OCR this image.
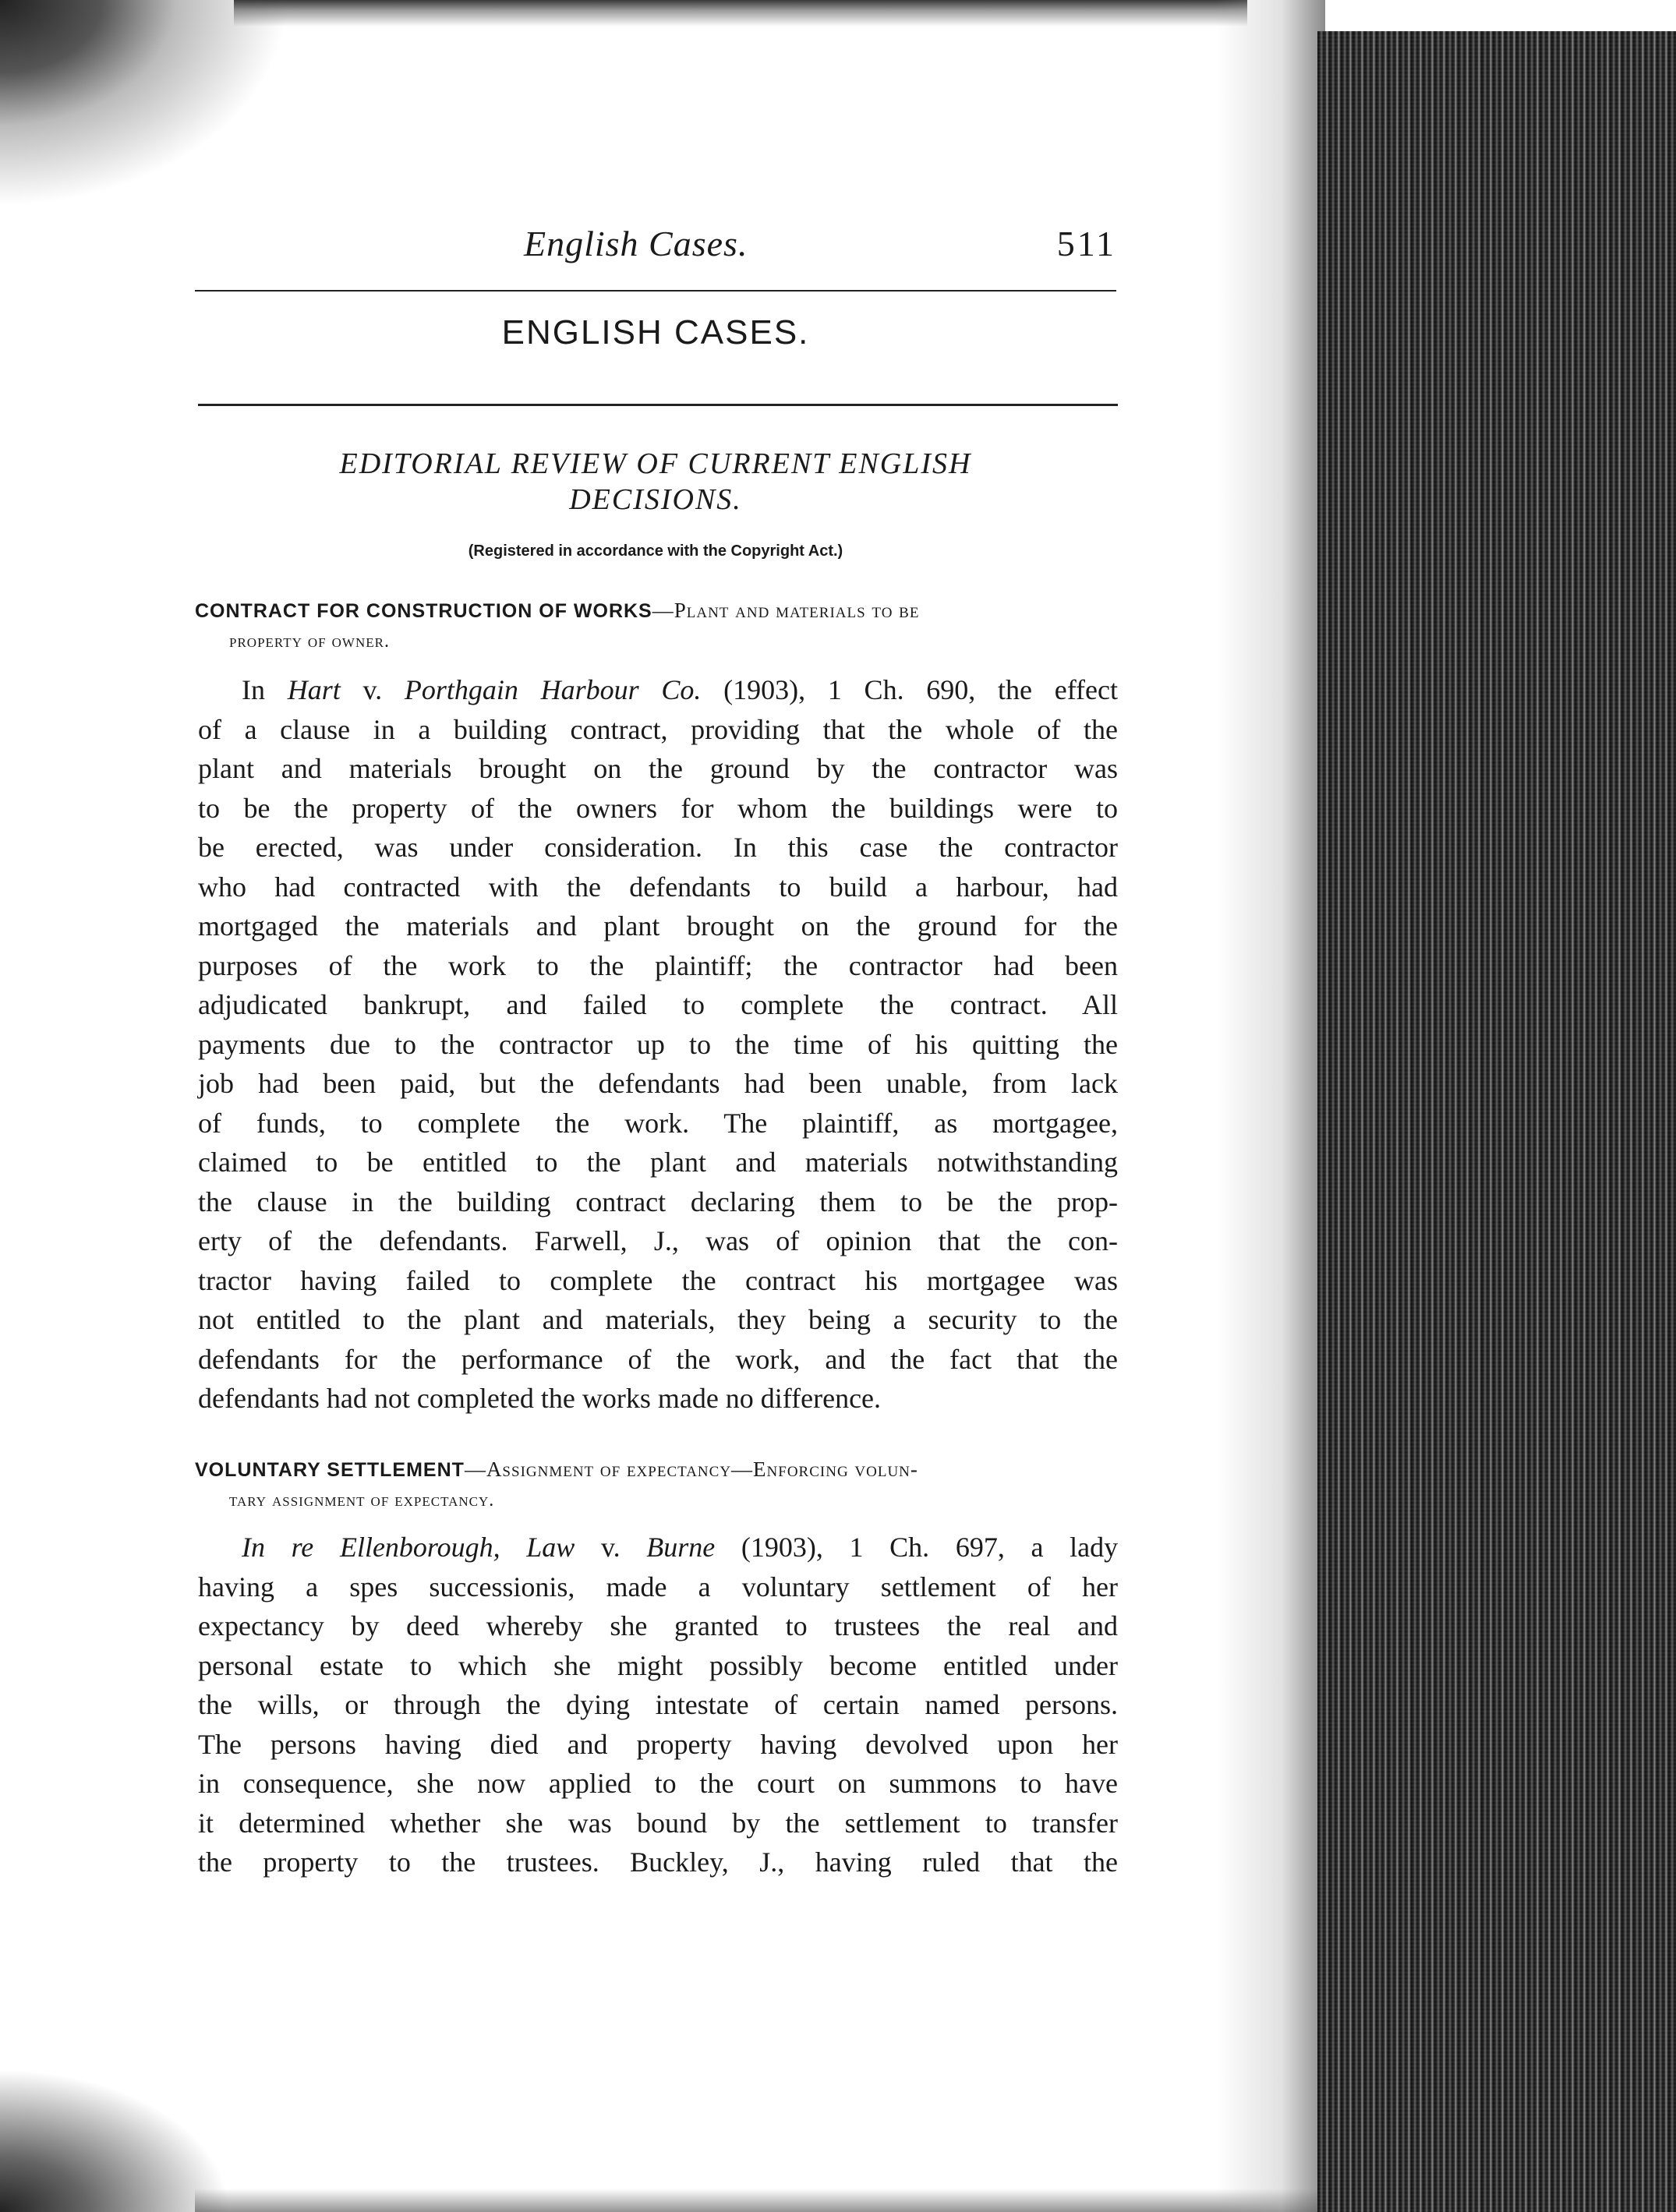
English Cases.	511
ENGLISH CASES.
EDITORIAL REVIEW OF CURRENT ENGLISH
DECISIONS.
(Registered in accordance with the Copyright Act.)
CONTRACT FOR CONSTRUCTION OF WORKS—Plant and materials to be
property of owner.
In Hart v. Porthgain Harbour Co. (1903), 1 Ch. 690, the effect
of a clause in a building contract, providing that the whole of the
plant and materials brought on the ground by the contractor was
to be the property of the owners for whom the buildings were to
be erected, was under consideration. In this case the contractor
who had contracted with the defendants to build a harbour, had
mortgaged the materials and plant brought on the ground for the
purposes of the work to the plaintiff; the contractor had been
adjudicated bankrupt, and failed to complete the contract. All
payments due to the contractor up to the time of his quitting the
job had been paid, but the defendants had been unable, from lack
of funds, to complete the work. The plaintiff, as mortgagee,
claimed to be entitled to the plant and materials notwithstanding
the clause in the building contract declaring them to be the prop-
erty of the defendants. Farwell, J., was of opinion that the con-
tractor having failed to complete the contract his mortgagee was
not entitled to the plant and materials, they being a security to the
defendants for the performance of the work, and the fact that the
defendants had not completed the works made no difference.
VOLUNTARY SETTLEMENT—Assignment of expectancy—Enforcing volun-
tary assignment of expectancy.
In re Ellenborough, Law v. Burne (1903), 1 Ch. 697, a lady
having a spes successionis, made a voluntary settlement of her
expectancy by deed whereby she granted to trustees the real and
personal estate to which she might possibly become entitled under
the wills, or through the dying intestate of certain named persons.
The persons having died and property having devolved upon her
in consequence, she now applied to the court on summons to have
it determined whether she was bound by the settlement to transfer
the property to the trustees. Buckley, J., having ruled that the
